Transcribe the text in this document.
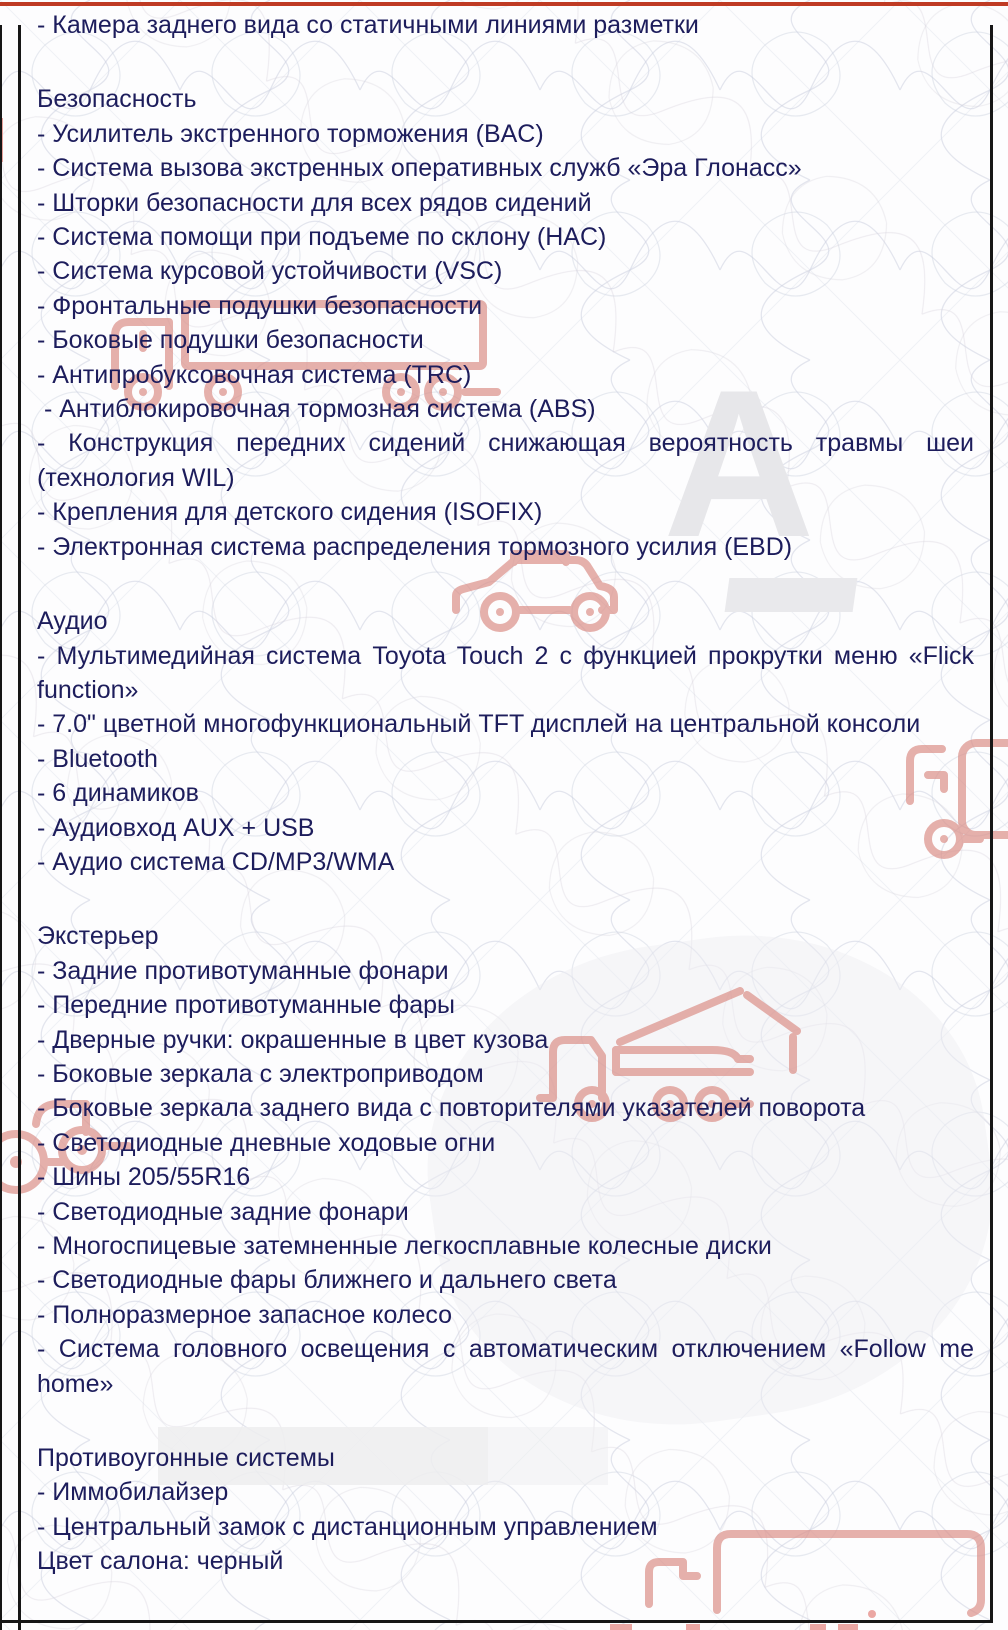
A
- Камера заднего вида со статичными линиями разметки
Безопасность
- Усилитель экстренного торможения (BAC)
- Система вызова экстренных оперативных служб «Эра Глонасс»
- Шторки безопасности для всех рядов сидений
- Система помощи при подъеме по склону (HAC)
- Система курсовой устойчивости (VSC)
- Фронтальные подушки безопасности
- Боковые подушки безопасности
- Антипробуксовочная система (TRC)
- Антиблокировочная тормозная система (ABS)
- Конструкция передних сидений снижающая вероятность травмы шеи
(технология WIL)
- Крепления для детского сидения (ISOFIX)
- Электронная система распределения тормозного усилия (EBD)
Аудио
- Мультимедийная система Toyota Touch 2 с функцией прокрутки меню «Flick
function»
- 7.0" цветной многофункциональный TFT дисплей на центральной консоли
- Bluetooth
- 6 динамиков
- Аудиовход AUX + USB
- Аудио система CD/MP3/WMA
Экстерьер
- Задние противотуманные фонари
- Передние противотуманные фары
- Дверные ручки: окрашенные в цвет кузова
- Боковые зеркала с электроприводом
- Боковые зеркала заднего вида с повторителями указателей поворота
- Светодиодные дневные ходовые огни
- Шины 205/55R16
- Светодиодные задние фонари
- Многоспицевые затемненные легкосплавные колесные диски
- Светодиодные фары ближнего и дальнего света
- Полноразмерное запасное колесо
- Система головного освещения с автоматическим отключением «Follow me
home»
Противоугонные системы
- Иммобилайзер
- Центральный замок с дистанционным управлением
Цвет салона: черный
